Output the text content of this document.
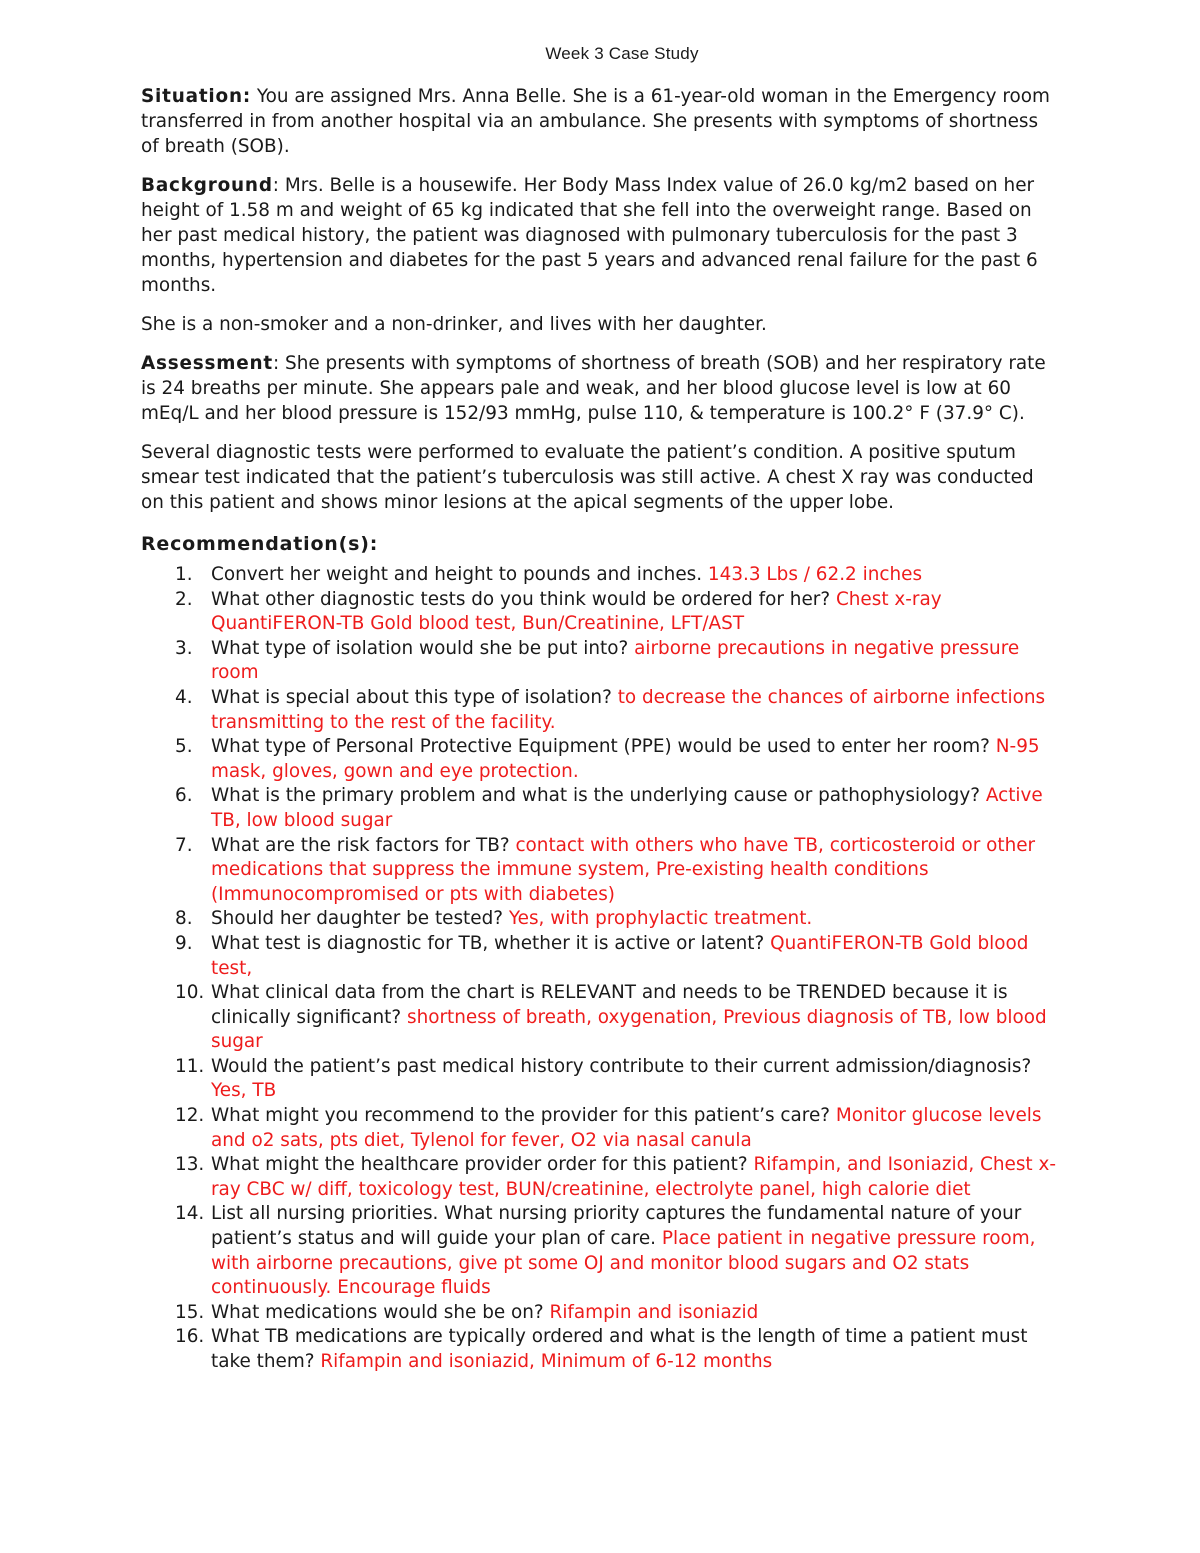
Week 3 Case Study

Situation: You are assigned Mrs. Anna Belle. She is a 61-year-old woman in the Emergency room transferred in from another hospital via an ambulance. She presents with symptoms of shortness of breath (SOB).

Background: Mrs. Belle is a housewife. Her Body Mass Index value of 26.0 kg/m2 based on her height of 1.58 m and weight of 65 kg indicated that she fell into the overweight range. Based on her past medical history, the patient was diagnosed with pulmonary tuberculosis for the past 3 months, hypertension and diabetes for the past 5 years and advanced renal failure for the past 6 months.

She is a non-smoker and a non-drinker, and lives with her daughter.

Assessment: She presents with symptoms of shortness of breath (SOB) and her respiratory rate is 24 breaths per minute. She appears pale and weak, and her blood glucose level is low at 60 mEq/L and her blood pressure is 152/93 mmHg, pulse 110, & temperature is 100.2° F (37.9° C).

Several diagnostic tests were performed to evaluate the patient’s condition. A positive sputum smear test indicated that the patient’s tuberculosis was still active. A chest X ray was conducted on this patient and shows minor lesions at the apical segments of the upper lobe.

Recommendation(s):
1. Convert her weight and height to pounds and inches. 143.3 Lbs / 62.2 inches
2. What other diagnostic tests do you think would be ordered for her? Chest x-ray QuantiFERON-TB Gold blood test, Bun/Creatinine, LFT/AST
3. What type of isolation would she be put into? airborne precautions in negative pressure room
4. What is special about this type of isolation? to decrease the chances of airborne infections transmitting to the rest of the facility.
5. What type of Personal Protective Equipment (PPE) would be used to enter her room? N-95 mask, gloves, gown and eye protection.
6. What is the primary problem and what is the underlying cause or pathophysiology? Active TB, low blood sugar
7. What are the risk factors for TB? contact with others who have TB, corticosteroid or other medications that suppress the immune system, Pre-existing health conditions (Immunocompromised or pts with diabetes)
8. Should her daughter be tested? Yes, with prophylactic treatment.
9. What test is diagnostic for TB, whether it is active or latent? QuantiFERON-TB Gold blood test,
10. What clinical data from the chart is RELEVANT and needs to be TRENDED because it is clinically significant? shortness of breath, oxygenation, Previous diagnosis of TB, low blood sugar
11. Would the patient’s past medical history contribute to their current admission/diagnosis? Yes, TB
12. What might you recommend to the provider for this patient’s care? Monitor glucose levels and o2 sats, pts diet, Tylenol for fever, O2 via nasal canula
13. What might the healthcare provider order for this patient? Rifampin, and Isoniazid, Chest x-ray CBC w/ diff, toxicology test, BUN/creatinine, electrolyte panel, high calorie diet
14. List all nursing priorities. What nursing priority captures the fundamental nature of your patient’s status and will guide your plan of care. Place patient in negative pressure room, with airborne precautions, give pt some OJ and monitor blood sugars and O2 stats continuously. Encourage fluids
15. What medications would she be on? Rifampin and isoniazid
16. What TB medications are typically ordered and what is the length of time a patient must take them? Rifampin and isoniazid, Minimum of 6-12 months
